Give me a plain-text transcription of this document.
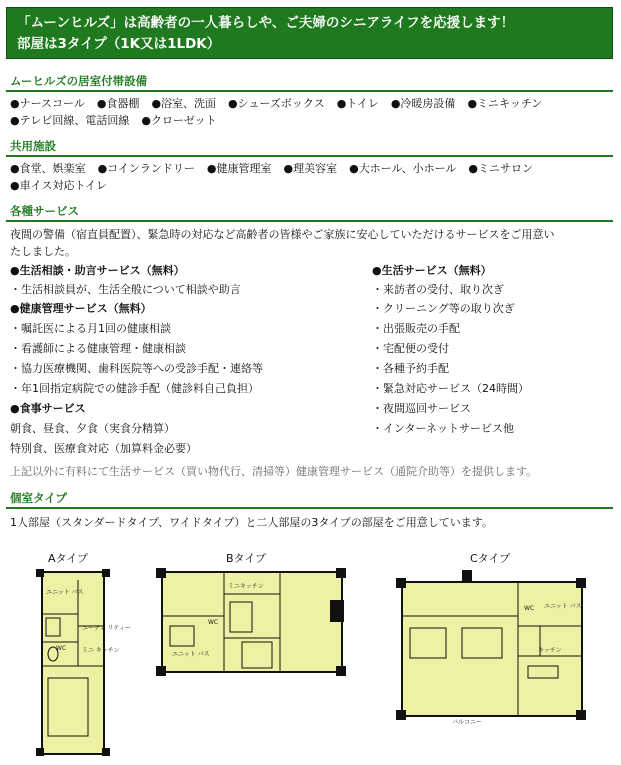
「ムーンヒルズ」は高齢者の一人暮らしや、ご夫婦のシニアライフを応援します！
部屋は3タイプ（1K又は1LDK）
ムーヒルズの居室付帯設備
●ナースコール ●食器棚 ●浴室、洗面 ●シューズボックス ●トイレ ●冷暖房設備 ●ミニキッチン
●テレビ回線、電話回線 ●クローゼット
共用施設
●食堂、娯楽室 ●コインランドリー ●健康管理室 ●理美容室 ●大ホール、小ホール ●ミニサロン
●車イス対応トイレ
各種サービス
夜間の警備（宿直員配置）、緊急時の対応など高齢者の皆様やご家族に安心していただけるサービスをご用意い
たしました。
●生活相談・助言サービス（無料）
・生活相談員が、生活全般について相談や助言
●健康管理サービス（無料）
・嘱託医による月1回の健康相談
・看護師による健康管理・健康相談
・協力医療機関、歯科医院等への受診手配・連絡等
・年1回指定病院での健診手配（健診料自己負担）
●食事サービス
朝食、昼食、夕食（実食分精算）
特別食、医療食対応（加算料金必要）
●生活サービス（無料）
・来訪者の受付、取り次ぎ
・クリーニング等の取り次ぎ
・出張販売の手配
・宅配便の受付
・各種予約手配
・緊急対応サービス（24時間）
・夜間巡回サービス
・インターネットサービス他
上記以外に有料にて生活サービス（買い物代行、清掃等）健康管理サービス（通院介助等）を提供します。
個室タイプ
1人部屋（スタンダードタイプ、ワイドタイプ）と二人部屋の3タイプの部屋をご用意しています。
Aタイプ	Bタイプ	Cタイプ
ユニット バス
ユーティ リティー
WC	ミニ キッチン
ミニキッチン
WC
ユニット バス
WC ユニット バス
キッチン
バルコニー
